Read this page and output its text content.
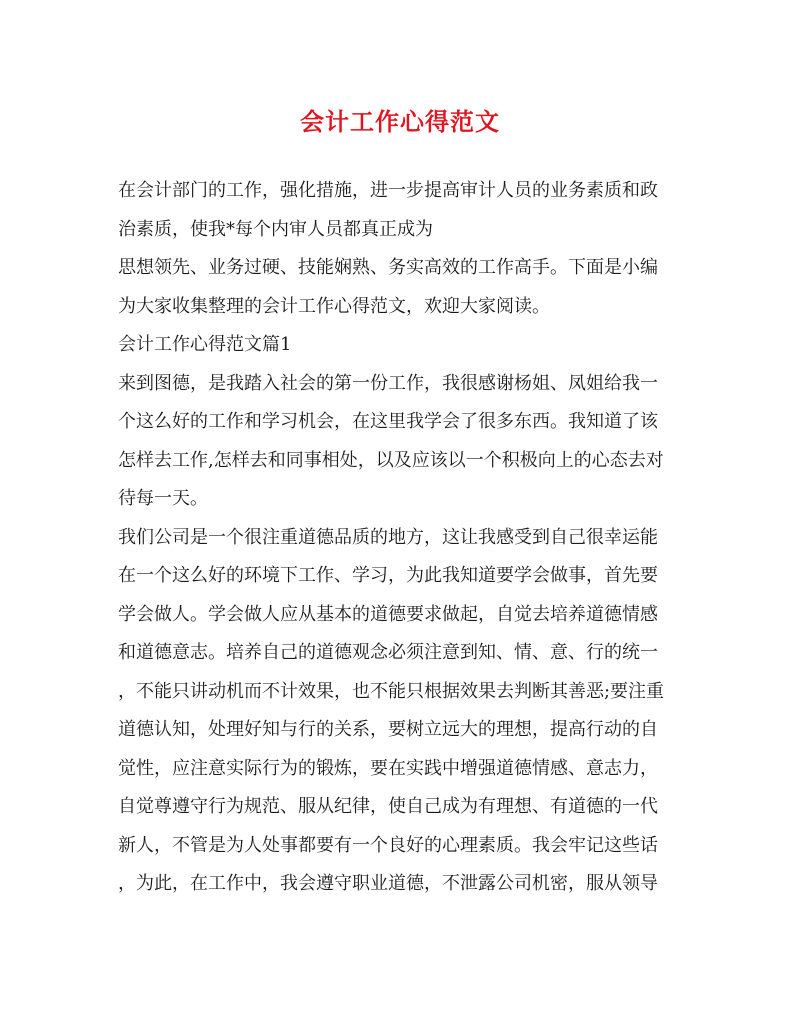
会计工作心得范文
在会计部门的工作，强化措施，进一步提高审计人员的业务素质和政
治素质，使我*每个内审人员都真正成为
思想领先、业务过硬、技能娴熟、务实高效的工作高手。下面是小编
为大家收集整理的会计工作心得范文，欢迎大家阅读。
会计工作心得范文篇1
来到图德，是我踏入社会的第一份工作，我很感谢杨姐、凤姐给我一
个这么好的工作和学习机会，在这里我学会了很多东西。我知道了该
怎样去工作,怎样去和同事相处，以及应该以一个积极向上的心态去对
待每一天。
我们公司是一个很注重道德品质的地方，这让我感受到自己很幸运能
在一个这么好的环境下工作、学习，为此我知道要学会做事，首先要
学会做人。学会做人应从基本的道德要求做起，自觉去培养道德情感
和道德意志。培养自己的道德观念必须注意到知、情、意、行的统一
，不能只讲动机而不计效果，也不能只根据效果去判断其善恶;要注重
道德认知，处理好知与行的关系，要树立远大的理想，提高行动的自
觉性，应注意实际行为的锻炼，要在实践中增强道德情感、意志力，
自觉尊遵守行为规范、服从纪律，使自己成为有理想、有道德的一代
新人，不管是为人处事都要有一个良好的心理素质。我会牢记这些话
，为此，在工作中，我会遵守职业道德，不泄露公司机密，服从领导
